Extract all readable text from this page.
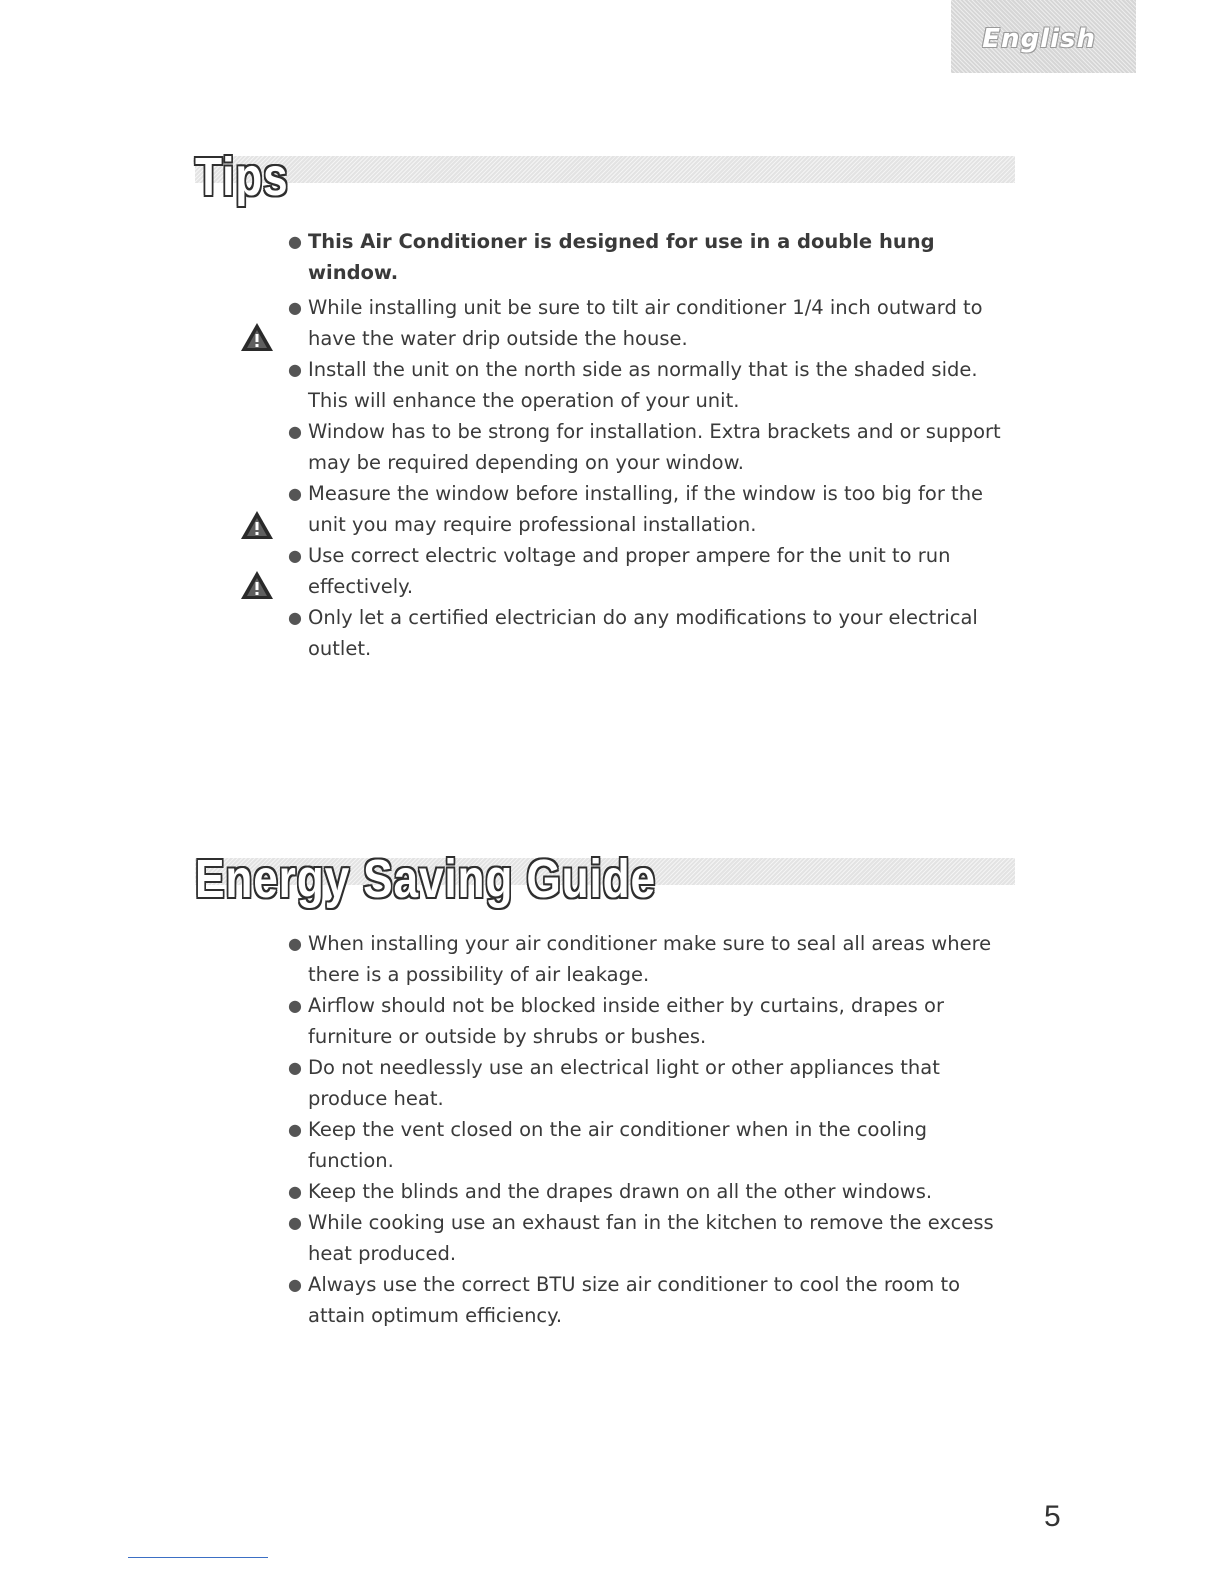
English
Tips
● This Air Conditioner is designed for use in a double hung window.
● While installing unit be sure to tilt air conditioner 1/4 inch outward to have the water drip outside the house.
● Install the unit on the north side as normally that is the shaded side. This will enhance the operation of your unit.
● Window has to be strong for installation. Extra brackets and or support may be required depending on your window.
● Measure the window before installing, if the window is too big for the unit you may require professional installation.
● Use correct electric voltage and proper ampere for the unit to run effectively.
● Only let a certified electrician do any modifications to your electrical outlet.
Energy Saving Guide
● When installing your air conditioner make sure to seal all areas where there is a possibility of air leakage.
● Airflow should not be blocked inside either by curtains, drapes or furniture or outside by shrubs or bushes.
● Do not needlessly use an electrical light or other appliances that produce heat.
● Keep the vent closed on the air conditioner when in the cooling function.
● Keep the blinds and the drapes drawn on all the other windows.
● While cooking use an exhaust fan in the kitchen to remove the excess heat produced.
● Always use the correct BTU size air conditioner to cool the room to attain optimum efficiency.
5
